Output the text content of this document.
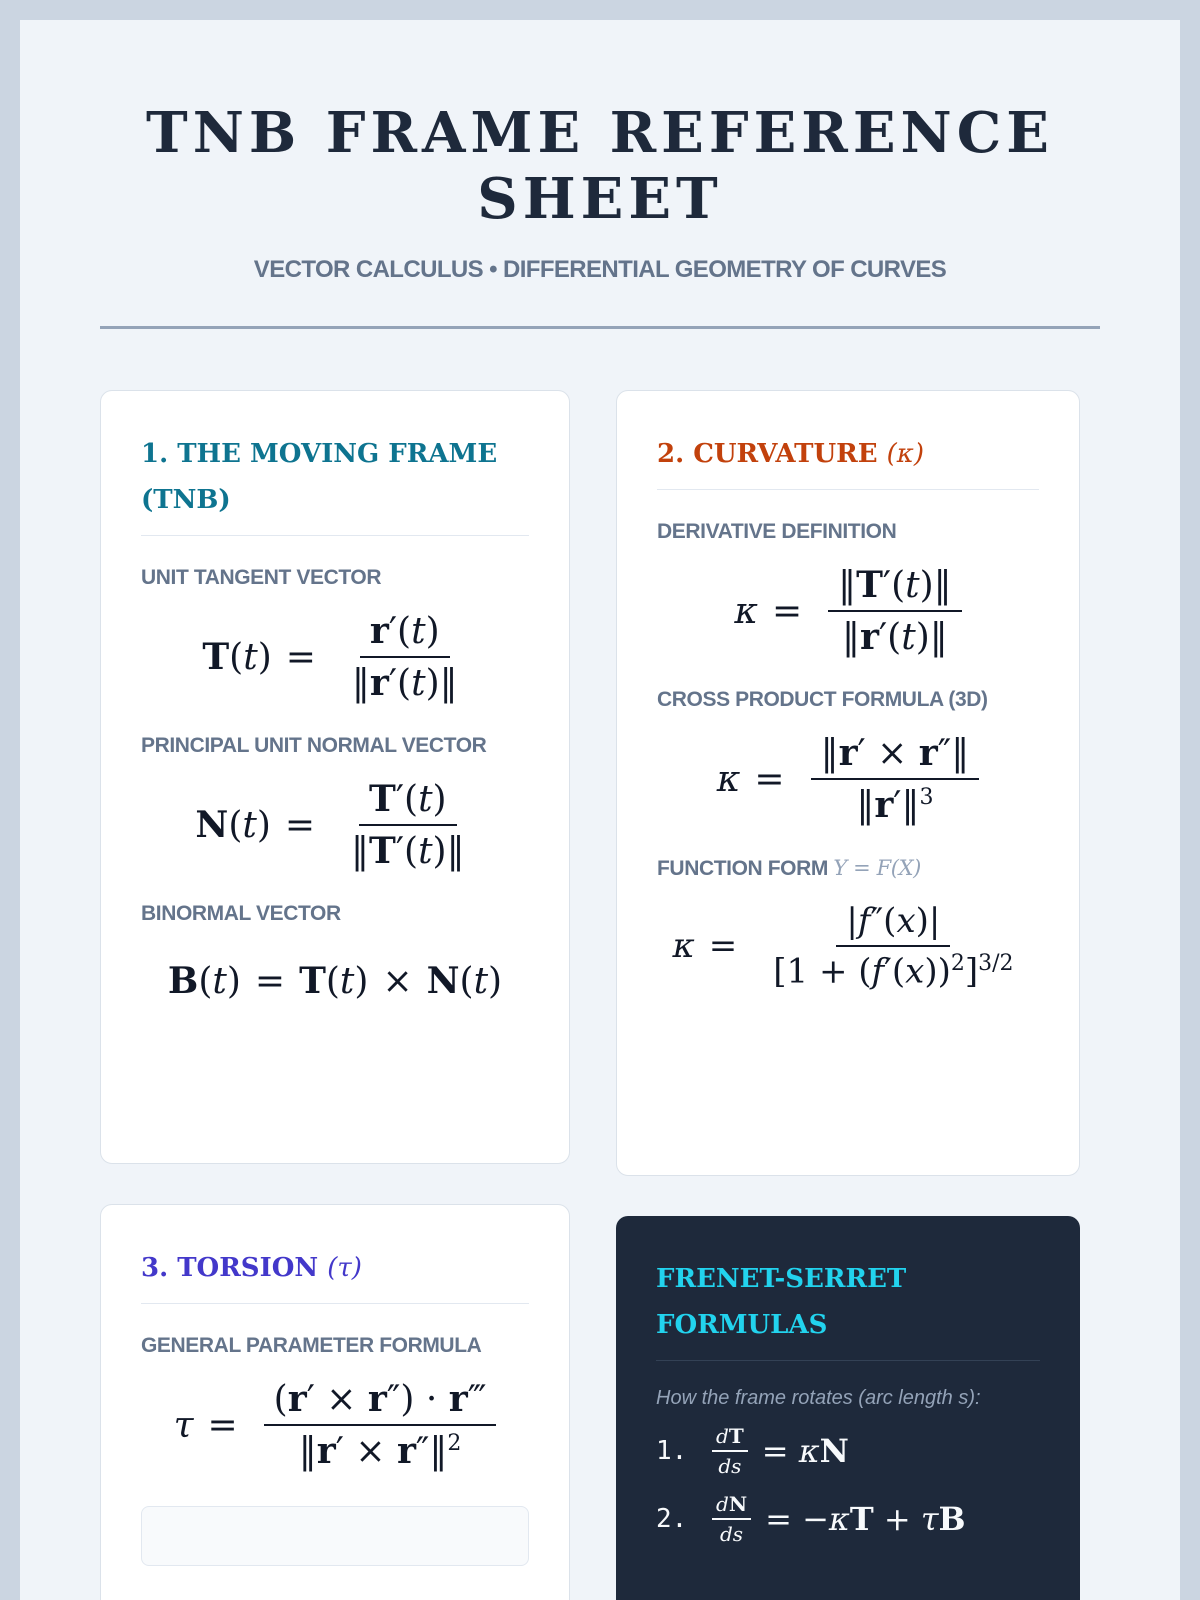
TNB FRAME REFERENCE SHEET
VECTOR CALCULUS • DIFFERENTIAL GEOMETRY OF CURVES
1. THE MOVING FRAME (TNB)
UNIT TANGENT VECTOR
$T(t) = \frac{r'(t)}{‖r'(t)‖}$
PRINCIPAL UNIT NORMAL VECTOR
$N(t) = \frac{T'(t)}{‖T'(t)‖}$
BINORMAL VECTOR
B(t) = T(t) × N(t)
2. CURVATURE (κ)
DERIVATIVE DEFINITION
$\kappa = \frac{‖T'(t)‖}{‖r'(t)‖}$
CROSS PRODUCT FORMULA (3D)
$\kappa = \frac{‖r' \times r''‖}{‖r'‖^3}$
FUNCTION FORM Y = F(X)
$\kappa = \frac{|f''(x)|}{[1 + (f'(x))^2]^{3/2}}$
3. TORSION (τ)
GENERAL PARAMETER FORMULA
$\tau = \frac{(r' \times r'') \cdot r‴}{‖r' \times r''‖^2}$
FRENET-SERRET FORMULAS
How the frame rotates (arc length s):
1.	$\frac{dT}{ds} = \kappa N$
2.	$\frac{dN}{ds} = -\kappa T + \tau B$
